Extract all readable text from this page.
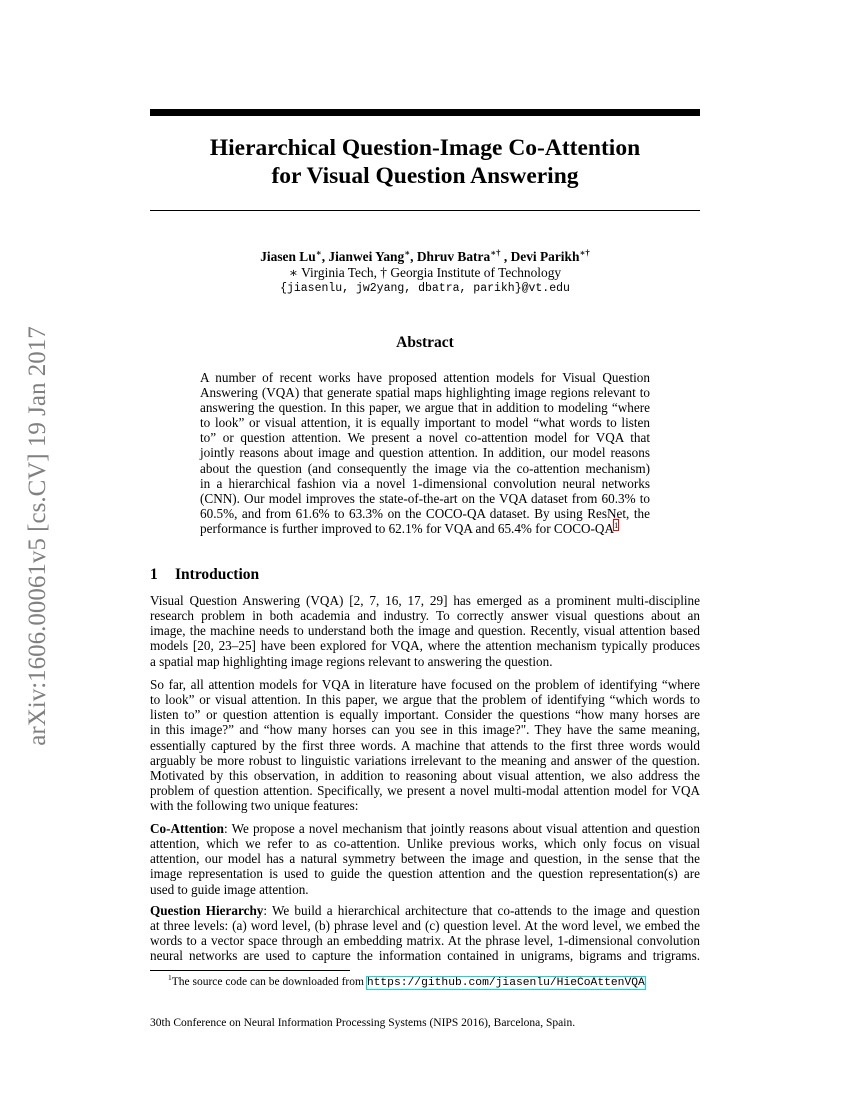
arXiv:1606.00061v5 [cs.CV] 19 Jan 2017
Hierarchical Question-Image Co-Attention
for Visual Question Answering
Jiasen Lu∗, Jianwei Yang∗, Dhruv Batra∗† , Devi Parikh∗†
∗ Virginia Tech, † Georgia Institute of Technology
{jiasenlu, jw2yang, dbatra, parikh}@vt.edu
Abstract
A number of recent works have proposed attention models for Visual Question
Answering (VQA) that generate spatial maps highlighting image regions relevant to
answering the question. In this paper, we argue that in addition to modeling “where
to look” or visual attention, it is equally important to model “what words to listen
to” or question attention. We present a novel co-attention model for VQA that
jointly reasons about image and question attention. In addition, our model reasons
about the question (and consequently the image via the co-attention mechanism)
in a hierarchical fashion via a novel 1-dimensional convolution neural networks
(CNN). Our model improves the state-of-the-art on the VQA dataset from 60.3% to
60.5%, and from 61.6% to 63.3% on the COCO-QA dataset. By using ResNet, the
performance is further improved to 62.1% for VQA and 65.4% for COCO-QA$^1$
1 Introduction
Visual Question Answering (VQA) [2, 7, 16, 17, 29] has emerged as a prominent multi-discipline
research problem in both academia and industry. To correctly answer visual questions about an
image, the machine needs to understand both the image and question. Recently, visual attention based
models [20, 23–25] have been explored for VQA, where the attention mechanism typically produces
a spatial map highlighting image regions relevant to answering the question.
So far, all attention models for VQA in literature have focused on the problem of identifying “where
to look” or visual attention. In this paper, we argue that the problem of identifying “which words to
listen to” or question attention is equally important. Consider the questions “how many horses are
in this image?” and “how many horses can you see in this image?". They have the same meaning,
essentially captured by the first three words. A machine that attends to the first three words would
arguably be more robust to linguistic variations irrelevant to the meaning and answer of the question.
Motivated by this observation, in addition to reasoning about visual attention, we also address the
problem of question attention. Specifically, we present a novel multi-modal attention model for VQA
with the following two unique features:
Co-Attention: We propose a novel mechanism that jointly reasons about visual attention and question
attention, which we refer to as co-attention. Unlike previous works, which only focus on visual
attention, our model has a natural symmetry between the image and question, in the sense that the
image representation is used to guide the question attention and the question representation(s) are
used to guide image attention.
Question Hierarchy: We build a hierarchical architecture that co-attends to the image and question
at three levels: (a) word level, (b) phrase level and (c) question level. At the word level, we embed the
words to a vector space through an embedding matrix. At the phrase level, 1-dimensional convolution
neural networks are used to capture the information contained in unigrams, bigrams and trigrams.
$^1$The source code can be downloaded from https://github.com/jiasenlu/HieCoAttenVQA
30th Conference on Neural Information Processing Systems (NIPS 2016), Barcelona, Spain.
